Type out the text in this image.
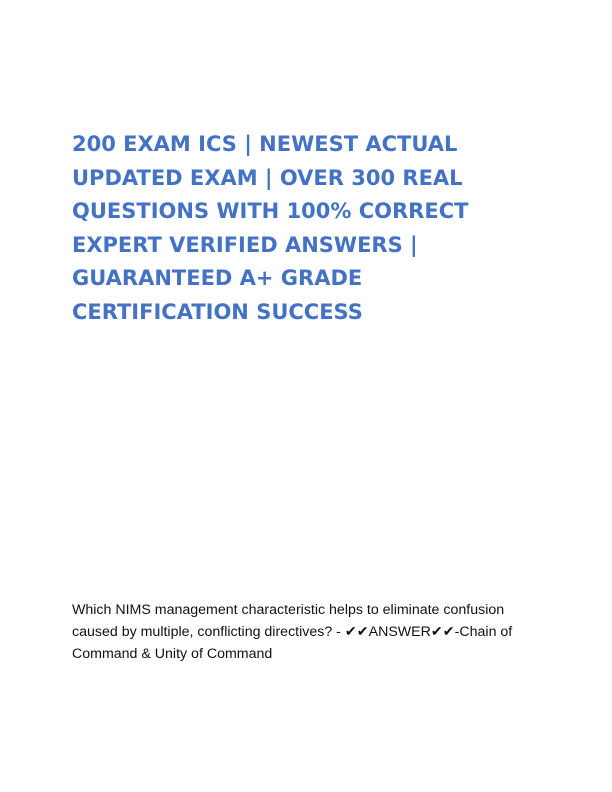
200 EXAM ICS | NEWEST ACTUAL
UPDATED EXAM | OVER 300 REAL
QUESTIONS WITH 100% CORRECT
EXPERT VERIFIED ANSWERS |
GUARANTEED A+ GRADE
CERTIFICATION SUCCESS

Which NIMS management characteristic helps to eliminate confusion
caused by multiple, conflicting directives? - ✔✔ANSWER✔✔-Chain of
Command & Unity of Command
